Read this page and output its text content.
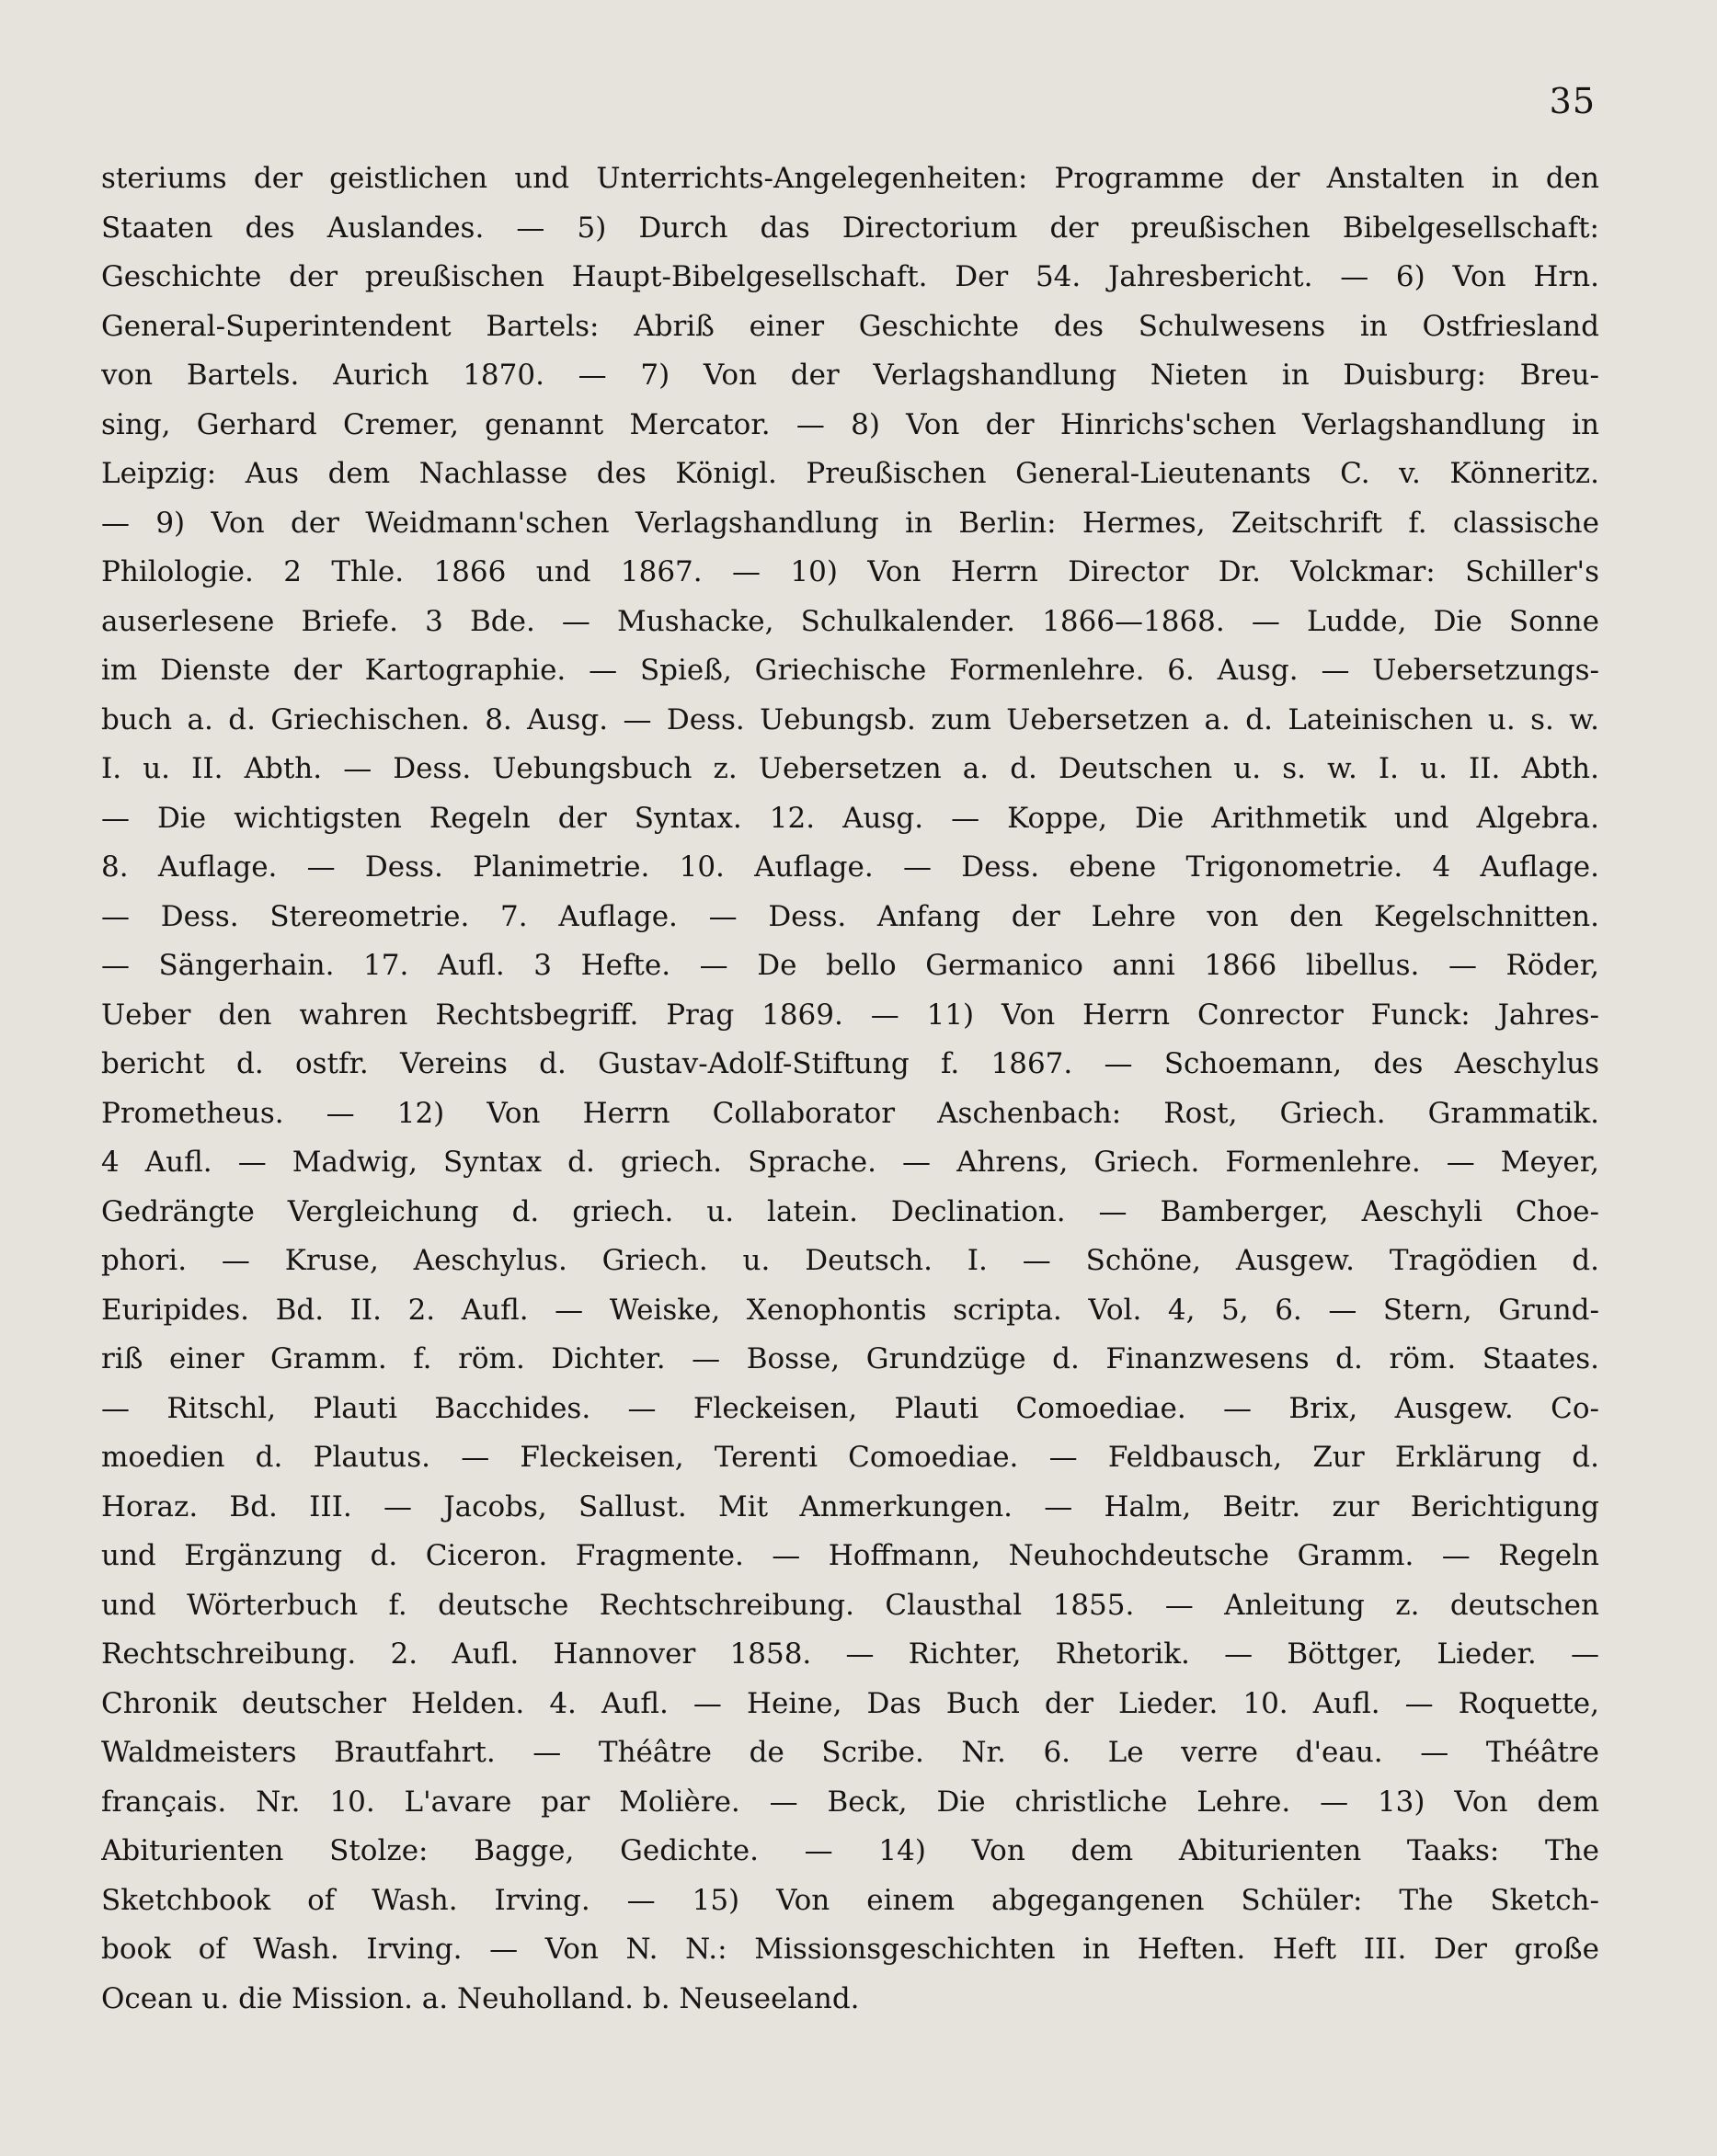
35
steriums der geistlichen und Unterrichts-Angelegenheiten: Programme der Anstalten in den
Staaten des Auslandes. — 5) Durch das Directorium der preußischen Bibelgesellschaft:
Geschichte der preußischen Haupt-Bibelgesellschaft. Der 54. Jahresbericht. — 6) Von Hrn.
General-Superintendent Bartels: Abriß einer Geschichte des Schulwesens in Ostfriesland
von Bartels. Aurich 1870. — 7) Von der Verlagshandlung Nieten in Duisburg: Breu-
sing, Gerhard Cremer, genannt Mercator. — 8) Von der Hinrichs'schen Verlagshandlung in
Leipzig: Aus dem Nachlasse des Königl. Preußischen General-Lieutenants C. v. Könneritz.
— 9) Von der Weidmann'schen Verlagshandlung in Berlin: Hermes, Zeitschrift f. classische
Philologie. 2 Thle. 1866 und 1867. — 10) Von Herrn Director Dr. Volckmar: Schiller's
auserlesene Briefe. 3 Bde. — Mushacke, Schulkalender. 1866—1868. — Ludde, Die Sonne
im Dienste der Kartographie. — Spieß, Griechische Formenlehre. 6. Ausg. — Uebersetzungs-
buch a. d. Griechischen. 8. Ausg. — Dess. Uebungsb. zum Uebersetzen a. d. Lateinischen u. s. w.
I. u. II. Abth. — Dess. Uebungsbuch z. Uebersetzen a. d. Deutschen u. s. w. I. u. II. Abth.
— Die wichtigsten Regeln der Syntax. 12. Ausg. — Koppe, Die Arithmetik und Algebra.
8. Auflage. — Dess. Planimetrie. 10. Auflage. — Dess. ebene Trigonometrie. 4 Auflage.
— Dess. Stereometrie. 7. Auflage. — Dess. Anfang der Lehre von den Kegelschnitten.
— Sängerhain. 17. Aufl. 3 Hefte. — De bello Germanico anni 1866 libellus. — Röder,
Ueber den wahren Rechtsbegriff. Prag 1869. — 11) Von Herrn Conrector Funck: Jahres-
bericht d. ostfr. Vereins d. Gustav-Adolf-Stiftung f. 1867. — Schoemann, des Aeschylus
Prometheus. — 12) Von Herrn Collaborator Aschenbach: Rost, Griech. Grammatik.
4 Aufl. — Madwig, Syntax d. griech. Sprache. — Ahrens, Griech. Formenlehre. — Meyer,
Gedrängte Vergleichung d. griech. u. latein. Declination. — Bamberger, Aeschyli Choe-
phori. — Kruse, Aeschylus. Griech. u. Deutsch. I. — Schöne, Ausgew. Tragödien d.
Euripides. Bd. II. 2. Aufl. — Weiske, Xenophontis scripta. Vol. 4, 5, 6. — Stern, Grund-
riß einer Gramm. f. röm. Dichter. — Bosse, Grundzüge d. Finanzwesens d. röm. Staates.
— Ritschl, Plauti Bacchides. — Fleckeisen, Plauti Comoediae. — Brix, Ausgew. Co-
moedien d. Plautus. — Fleckeisen, Terenti Comoediae. — Feldbausch, Zur Erklärung d.
Horaz. Bd. III. — Jacobs, Sallust. Mit Anmerkungen. — Halm, Beitr. zur Berichtigung
und Ergänzung d. Ciceron. Fragmente. — Hoffmann, Neuhochdeutsche Gramm. — Regeln
und Wörterbuch f. deutsche Rechtschreibung. Clausthal 1855. — Anleitung z. deutschen
Rechtschreibung. 2. Aufl. Hannover 1858. — Richter, Rhetorik. — Böttger, Lieder. —
Chronik deutscher Helden. 4. Aufl. — Heine, Das Buch der Lieder. 10. Aufl. — Roquette,
Waldmeisters Brautfahrt. — Théâtre de Scribe. Nr. 6. Le verre d'eau. — Théâtre
français. Nr. 10. L'avare par Molière. — Beck, Die christliche Lehre. — 13) Von dem
Abiturienten Stolze: Bagge, Gedichte. — 14) Von dem Abiturienten Taaks: The
Sketchbook of Wash. Irving. — 15) Von einem abgegangenen Schüler: The Sketch-
book of Wash. Irving. — Von N. N.: Missionsgeschichten in Heften. Heft III. Der große
Ocean u. die Mission. a. Neuholland. b. Neuseeland.
